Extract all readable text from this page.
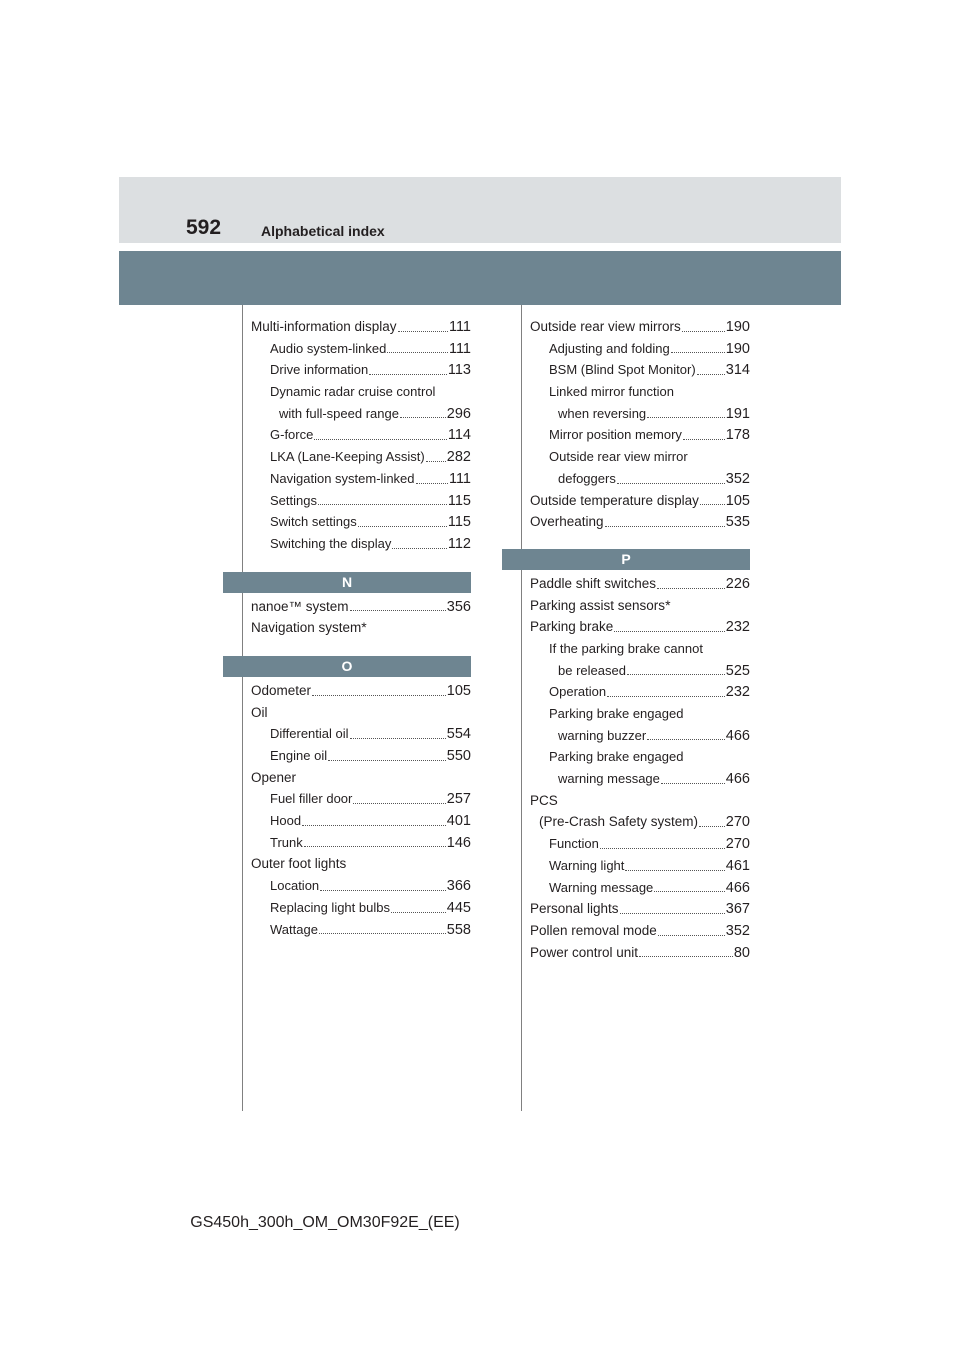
592	Alphabetical index
Multi-information display	111
Audio system-linked	111
Drive information	113
Dynamic radar cruise control
with full-speed range	296
G-force	114
LKA (Lane-Keeping Assist) 282
Navigation system-linked 111
Settings	115
Switch settings	115
Switching the display	112
N
nanoe™ system	356
Navigation system *
O
Odometer	105
Oil
Differential oil	554
Engine oil	550
Opener
Fuel filler door	257
Hood	401
Trunk	146
Outer foot lights
Location	366
Replacing light bulbs	445
Wattage	558
Outside rear view mirrors	190
Adjusting and folding	190
BSM (Blind Spot Monitor) 314
Linked mirror function
when reversing	191
Mirror position memory	178
Outside rear view mirror
defoggers	352
Outside temperature display 105
Overheating	535
P
Paddle shift switches	226
Parking assist sensors *
Parking brake	232
If the parking brake cannot
be released	525
Operation	232
Parking brake engaged
warning buzzer	466
Parking brake engaged
warning message	466
PCS
(Pre-Crash Safety system) 270
Function	270
Warning light	461
Warning message	466
Personal lights	367
Pollen removal mode	352
Power control unit	80
GS450h_300h_OM_OM30F92E_(EE)
